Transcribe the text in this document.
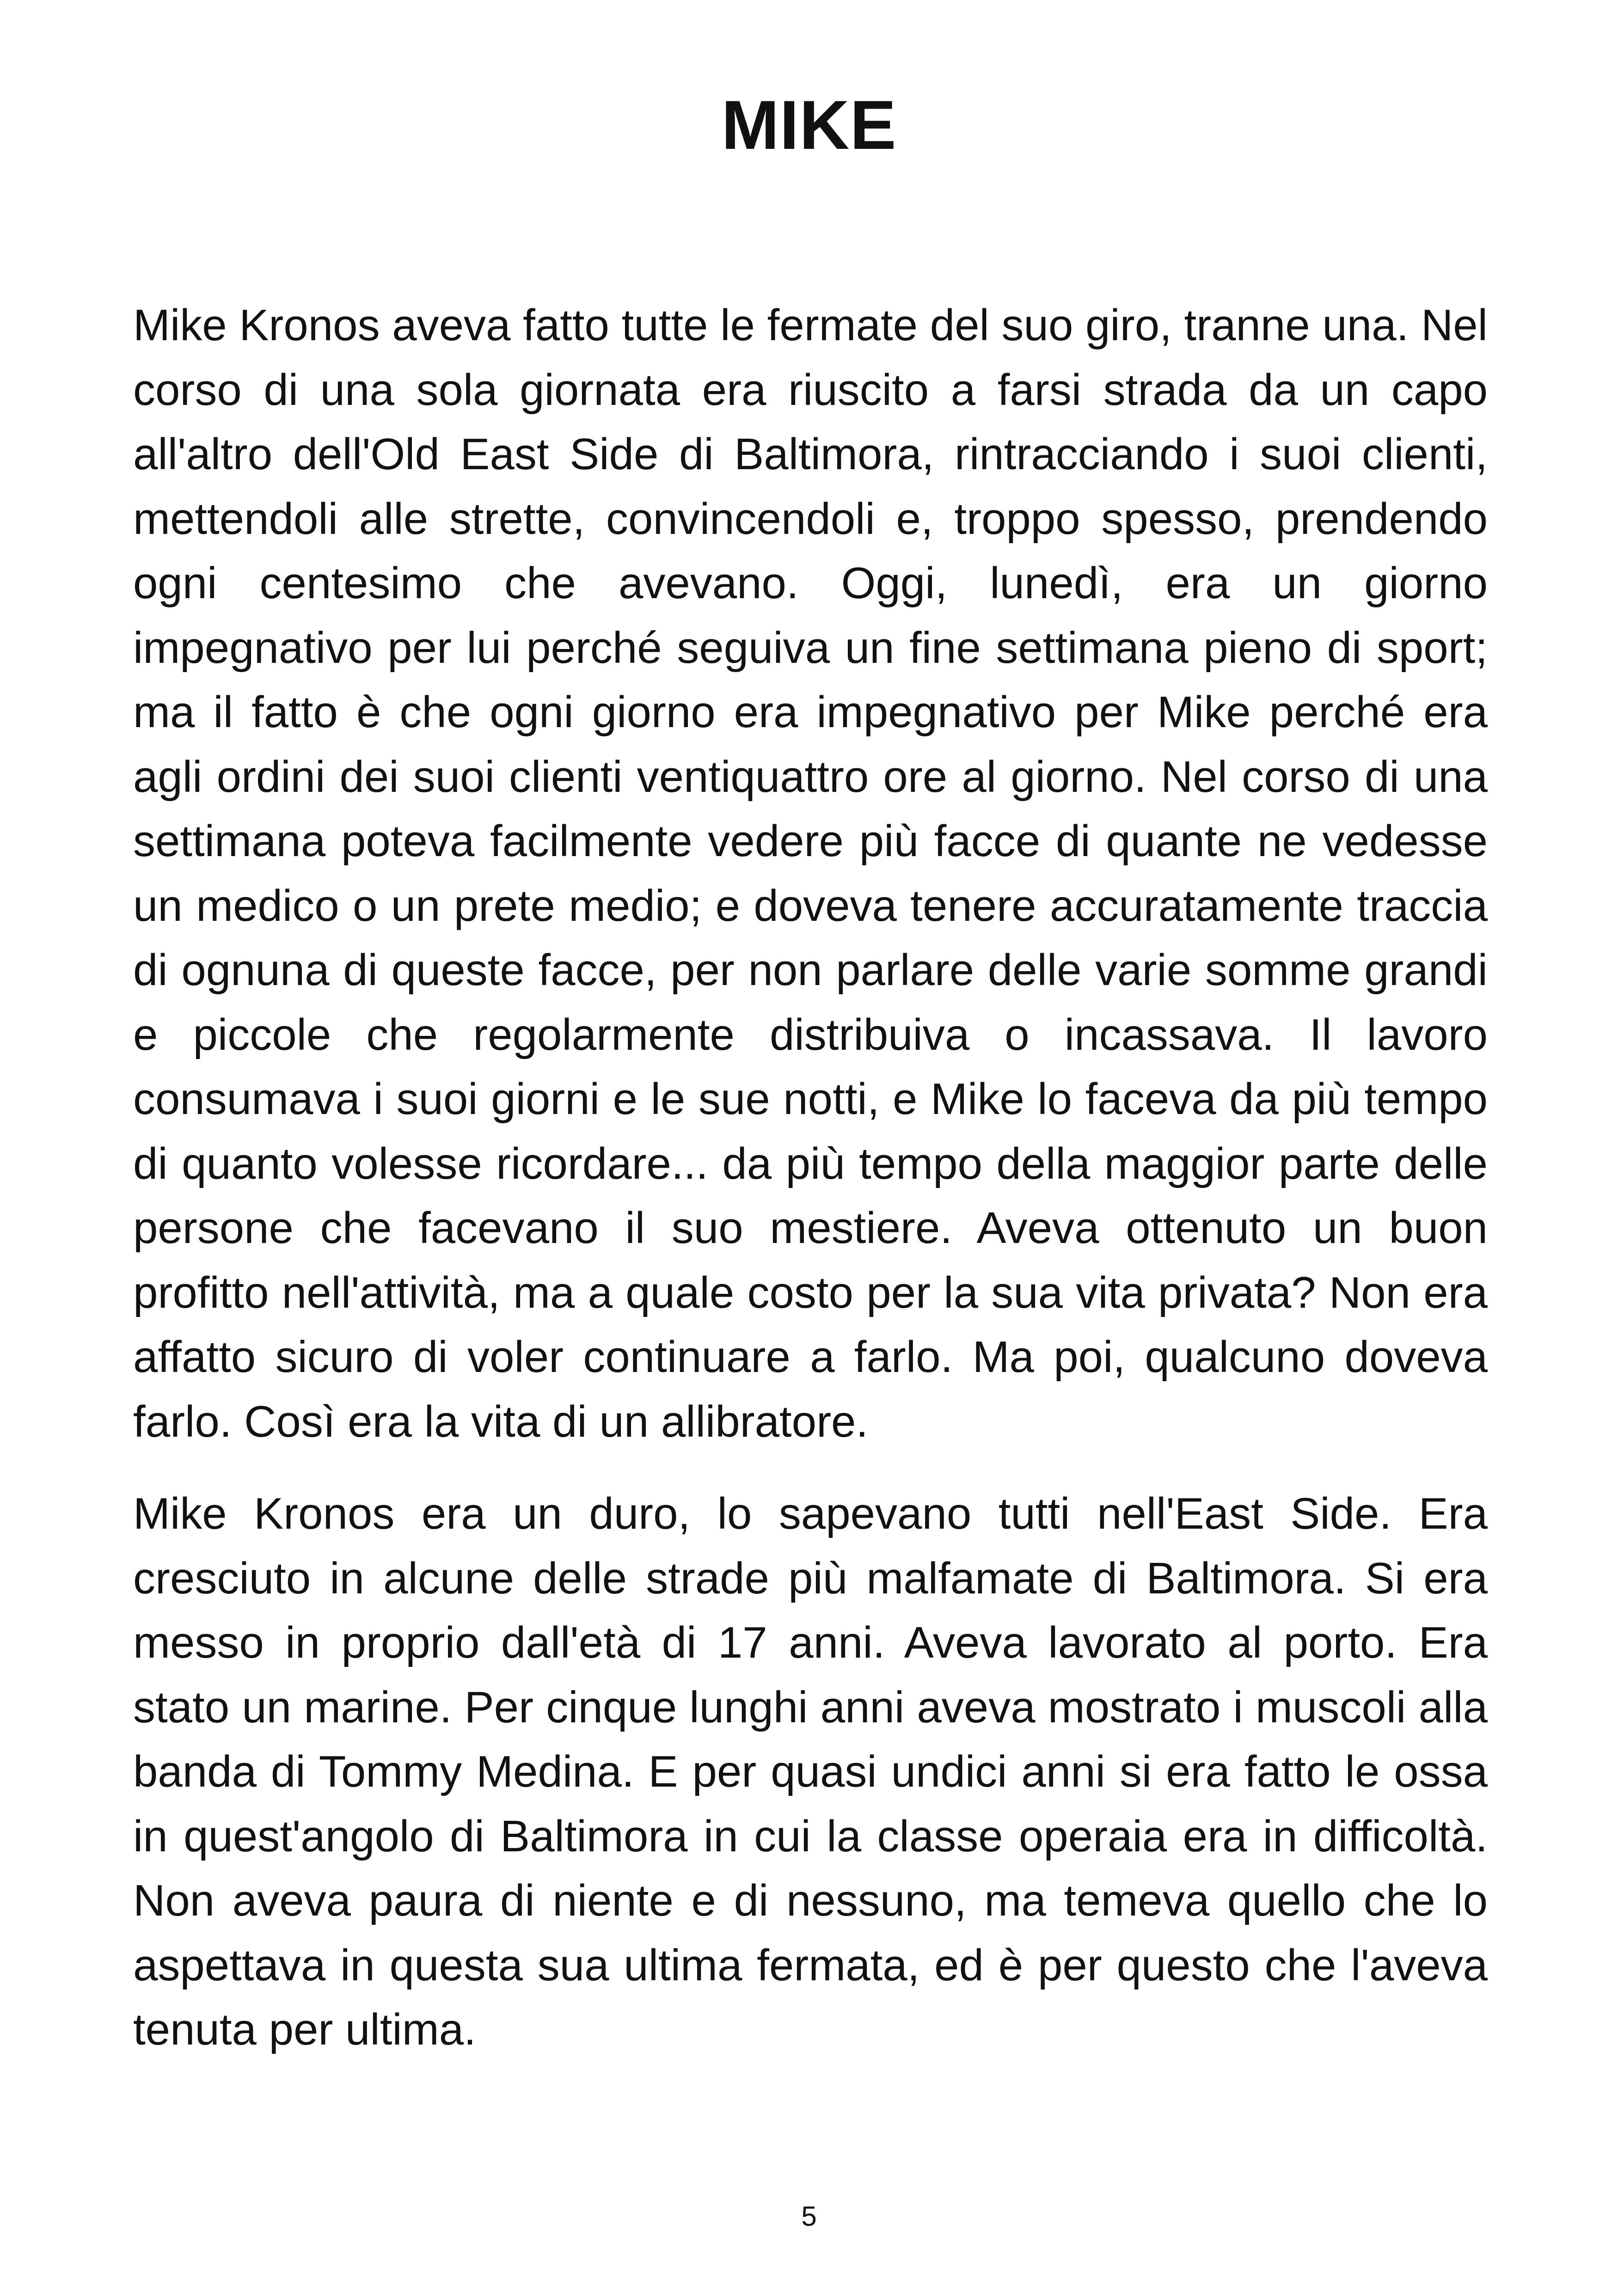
MIKE

Mike Kronos aveva fatto tutte le fermate del suo giro, tranne una. Nel corso di una sola giornata era riuscito a farsi strada da un capo all'altro dell'Old East Side di Baltimora, rintracciando i suoi clienti, mettendoli alle strette, convincendoli e, troppo spesso, prendendo ogni centesimo che avevano. Oggi, lunedì, era un giorno impegnativo per lui perché seguiva un fine settimana pieno di sport; ma il fatto è che ogni giorno era impegnativo per Mike perché era agli ordini dei suoi clienti ventiquattro ore al giorno. Nel corso di una settimana poteva facilmente vedere più facce di quante ne vedesse un medico o un prete medio; e doveva tenere accuratamente traccia di ognuna di queste facce, per non parlare delle varie somme grandi e piccole che regolarmente distribuiva o incassava. Il lavoro consumava i suoi giorni e le sue notti, e Mike lo faceva da più tempo di quanto volesse ricordare... da più tempo della maggior parte delle persone che facevano il suo mestiere. Aveva ottenuto un buon profitto nell'attività, ma a quale costo per la sua vita privata? Non era affatto sicuro di voler continuare a farlo. Ma poi, qualcuno doveva farlo. Così era la vita di un allibratore.

Mike Kronos era un duro, lo sapevano tutti nell'East Side. Era cresciuto in alcune delle strade più malfamate di Baltimora. Si era messo in proprio dall'età di 17 anni. Aveva lavorato al porto. Era stato un marine. Per cinque lunghi anni aveva mostrato i muscoli alla banda di Tommy Medina. E per quasi undici anni si era fatto le ossa in quest'angolo di Baltimora in cui la classe operaia era in difficoltà. Non aveva paura di niente e di nessuno, ma temeva quello che lo aspettava in questa sua ultima fermata, ed è per questo che l'aveva tenuta per ultima.

5
